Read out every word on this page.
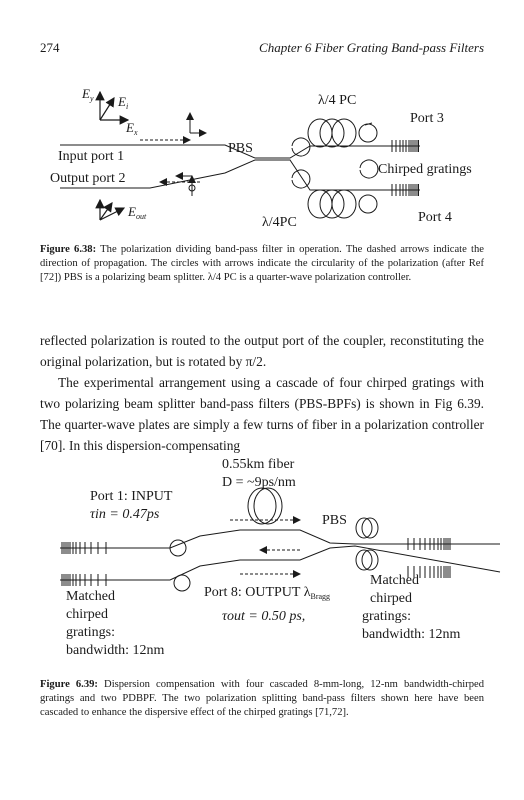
274	Chapter 6 Fiber Grating Band-pass Filters
$E_y$ $E_i$
$E_x$
$E_{out}$
PBS
λ/4 PC
λ/4PC
Input port 1
Output port 2
Port 3
Port 4
Chirped gratings
Figure 6.38: The polarization dividing band-pass filter in operation. The dashed arrows indicate the direction of propagation. The circles with arrows indicate the circularity of the polarization (after Ref [72]) PBS is a polarizing beam splitter. λ/4 PC is a quarter-wave polarization controller.

reflected polarization is routed to the output port of the coupler, reconstituting the original polarization, but is rotated by π/2.

The experimental arrangement using a cascade of four chirped gratings with two polarizing beam splitter band-pass filters (PBS-BPFs) is shown in Fig 6.39. The quarter-wave plates are simply a few turns of fiber in a polarization controller [70]. In this dispersion-compensating

0.55km fiber
D = ~9ps/nm
Port 1: INPUT
τin = 0.47ps	PBS
Port 8: OUTPUT $\lambda_{Bragg}$
τout = 0.50 ps,
Matched
chirped
gratings:
bandwidth: 12nm
Matched
chirped
gratings:
bandwidth: 12nm
Figure 6.39: Dispersion compensation with four cascaded 8-mm-long, 12-nm bandwidth-chirped gratings and two PDBPF. The two polarization splitting band-pass filters shown here have been cascaded to enhance the dispersive effect of the chirped gratings [71,72].
